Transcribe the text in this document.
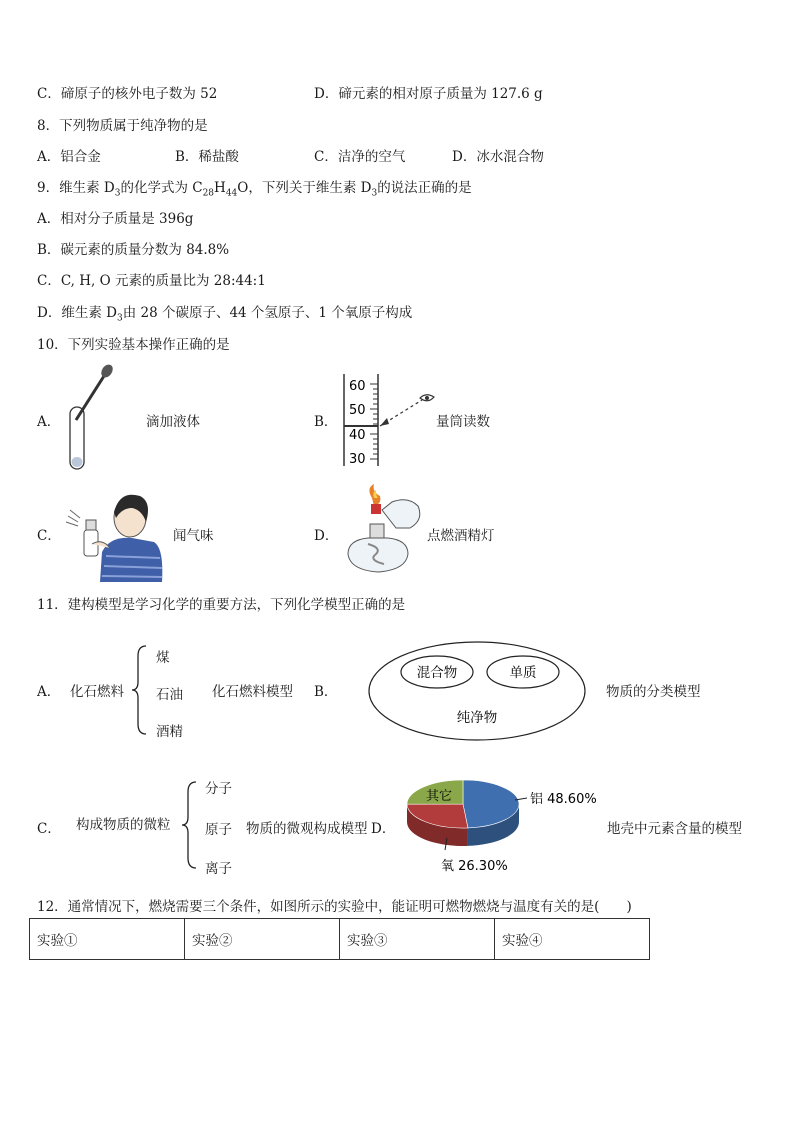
C．碲原子的核外电子数为 52	D．碲元素的相对原子质量为 127.6 g
8．下列物质属于纯净物的是
A．铝合金	B．稀盐酸	C．洁净的空气	D．冰水混合物
9．维生素 $D_3$的化学式为 $C_{28}H_{44}O$，下列关于维生素 $D_3$的说法正确的是
A．相对分子质量是 396g
B．碳元素的质量分数为 84.8%
C．C, H, O 元素的质量比为 28:44:1
D．维生素 $D_3$由 28 个碳原子、44 个氢原子、1 个氧原子构成
10．下列实验基本操作正确的是
A．	滴加液体	B．
60
50
40
30
量筒读数
C．	闻气味	D．	点燃酒精灯
11．建构模型是学习化学的重要方法，下列化学模型正确的是
A． 化石燃料
煤
石油
酒精
化石燃料模型 B．
混合物	单质
纯净物
物质的分类模型
C． 构成物质的微粒
分子
原子
离子
物质的微观构成模型 D．
铝 48.60%
氧 26.30%
其它
地壳中元素含量的模型
12．通常情况下，燃烧需要三个条件，如图所示的实验中，能证明可燃物燃烧与温度有关的是(　　)
实验①	实验②	实验③	实验④
